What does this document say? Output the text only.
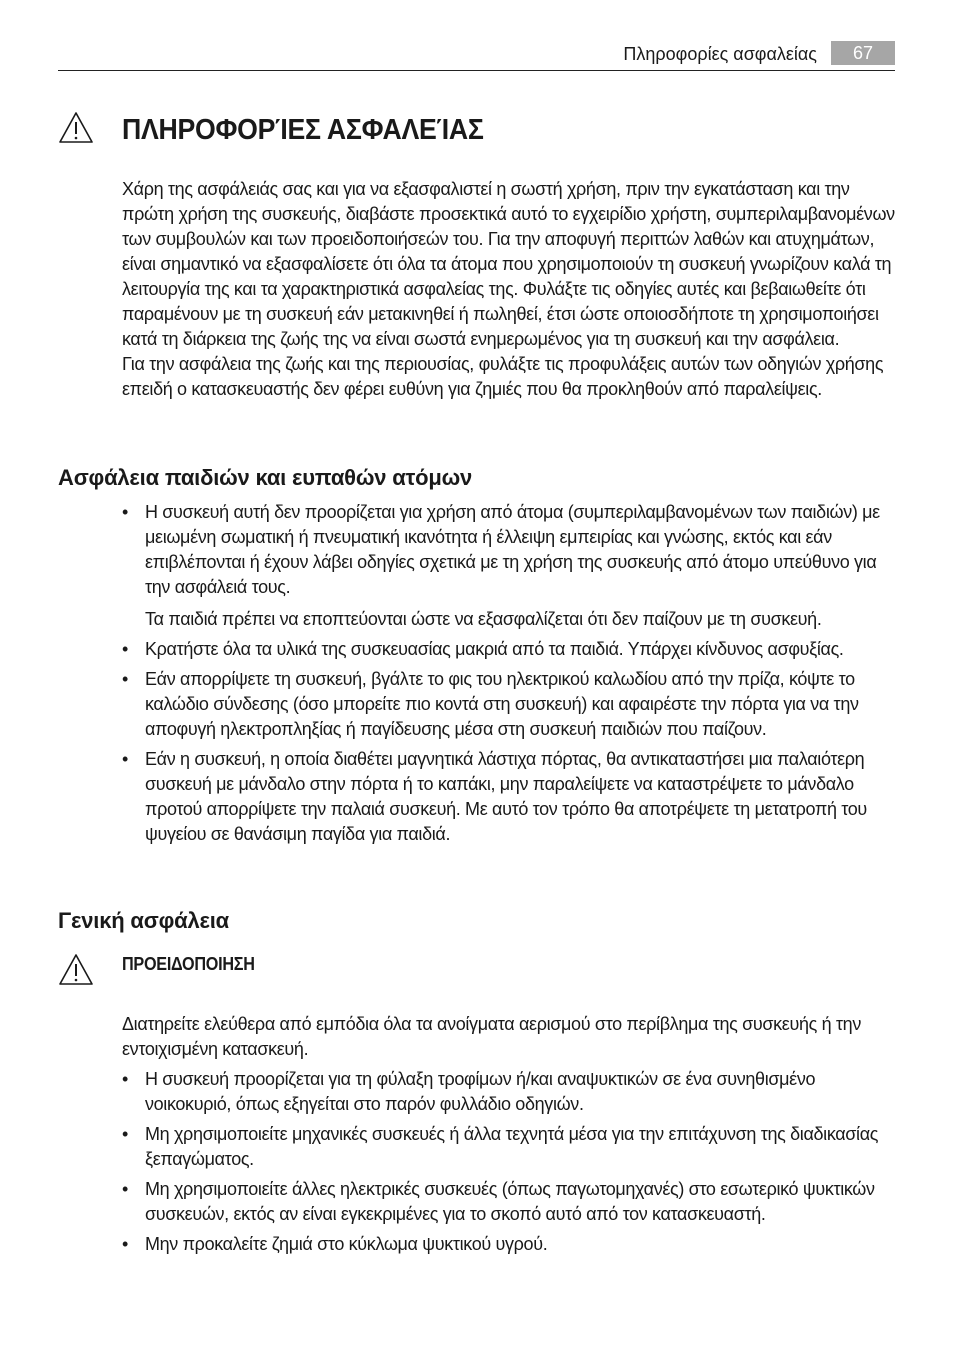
Πληροφορίες ασφαλείας	67
ΠΛΗΡΟΦΟΡΊΕΣ ΑΣΦΑΛΕΊΑΣ

Χάρη της ασφάλειάς σας και για να εξασφαλιστεί η σωστή χρήση, πριν την εγκατάσταση και την πρώτη χρήση της συσκευής, διαβάστε προσεκτικά αυτό το εγχειρίδιο χρήστη, συμπεριλαμβανομένων των συμβουλών και των προειδοποιήσεών του. Για την αποφυγή περιττών λαθών και ατυχημάτων, είναι σημαντικό να εξασφαλίσετε ότι όλα τα άτομα που χρησιμοποιούν τη συσκευή γνωρίζουν καλά τη λειτουργία της και τα χαρακτηριστικά ασφαλείας της. Φυλάξτε τις οδηγίες αυτές και βεβαιωθείτε ότι παραμένουν με τη συσκευή εάν μετακινηθεί ή πωληθεί, έτσι ώστε οποιοσδήποτε τη χρησιμοποιήσει κατά τη διάρκεια της ζωής της να είναι σωστά ενημερωμένος για τη συσκευή και την ασφάλεια.

Για την ασφάλεια της ζωής και της περιουσίας, φυλάξτε τις προφυλάξεις αυτών των οδηγιών χρήσης επειδή ο κατασκευαστής δεν φέρει ευθύνη για ζημιές που θα προκληθούν από παραλείψεις.

Ασφάλεια παιδιών και ευπαθών ατόμων
• Η συσκευή αυτή δεν προορίζεται για χρήση από άτομα (συμπεριλαμβανομένων των παιδιών) με μειωμένη σωματική ή πνευματική ικανότητα ή έλλειψη εμπειρίας και γνώσης, εκτός και εάν επιβλέπονται ή έχουν λάβει οδηγίες σχετικά με τη χρήση της συσκευής από άτομο υπεύθυνο για την ασφάλειά τους.
Τα παιδιά πρέπει να εποπτεύονται ώστε να εξασφαλίζεται ότι δεν παίζουν με τη συσκευή.
• Κρατήστε όλα τα υλικά της συσκευασίας μακριά από τα παιδιά. Υπάρχει κίνδυνος ασφυξίας.
• Εάν απορρίψετε τη συσκευή, βγάλτε το φις του ηλεκτρικού καλωδίου από την πρίζα, κόψτε το καλώδιο σύνδεσης (όσο μπορείτε πιο κοντά στη συσκευή) και αφαιρέστε την πόρτα για να την αποφυγή ηλεκτροπληξίας ή παγίδευσης μέσα στη συσκευή παιδιών που παίζουν.
• Εάν η συσκευή, η οποία διαθέτει μαγνητικά λάστιχα πόρτας, θα αντικαταστήσει μια παλαιότερη συσκευή με μάνδαλο στην πόρτα ή το καπάκι, μην παραλείψετε να καταστρέψετε το μάνδαλο προτού απορρίψετε την παλαιά συσκευή. Με αυτό τον τρόπο θα αποτρέψετε τη μετατροπή του ψυγείου σε θανάσιμη παγίδα για παιδιά.
Γενική ασφάλεια
ΠΡΟΕΙΔΟΠΟΙΗΣΗ

Διατηρείτε ελεύθερα από εμπόδια όλα τα ανοίγματα αερισμού στο περίβλημα της συσκευής ή την εντοιχισμένη κατασκευή.

• Η συσκευή προορίζεται για τη φύλαξη τροφίμων ή/και αναψυκτικών σε ένα συνηθισμένο νοικοκυριό, όπως εξηγείται στο παρόν φυλλάδιο οδηγιών.
• Μη χρησιμοποιείτε μηχανικές συσκευές ή άλλα τεχνητά μέσα για την επιτάχυνση της διαδικασίας ξεπαγώματος.
• Μη χρησιμοποιείτε άλλες ηλεκτρικές συσκευές (όπως παγωτομηχανές) στο εσωτερικό ψυκτικών συσκευών, εκτός αν είναι εγκεκριμένες για το σκοπό αυτό από τον κατασκευαστή.
• Μην προκαλείτε ζημιά στο κύκλωμα ψυκτικού υγρού.
